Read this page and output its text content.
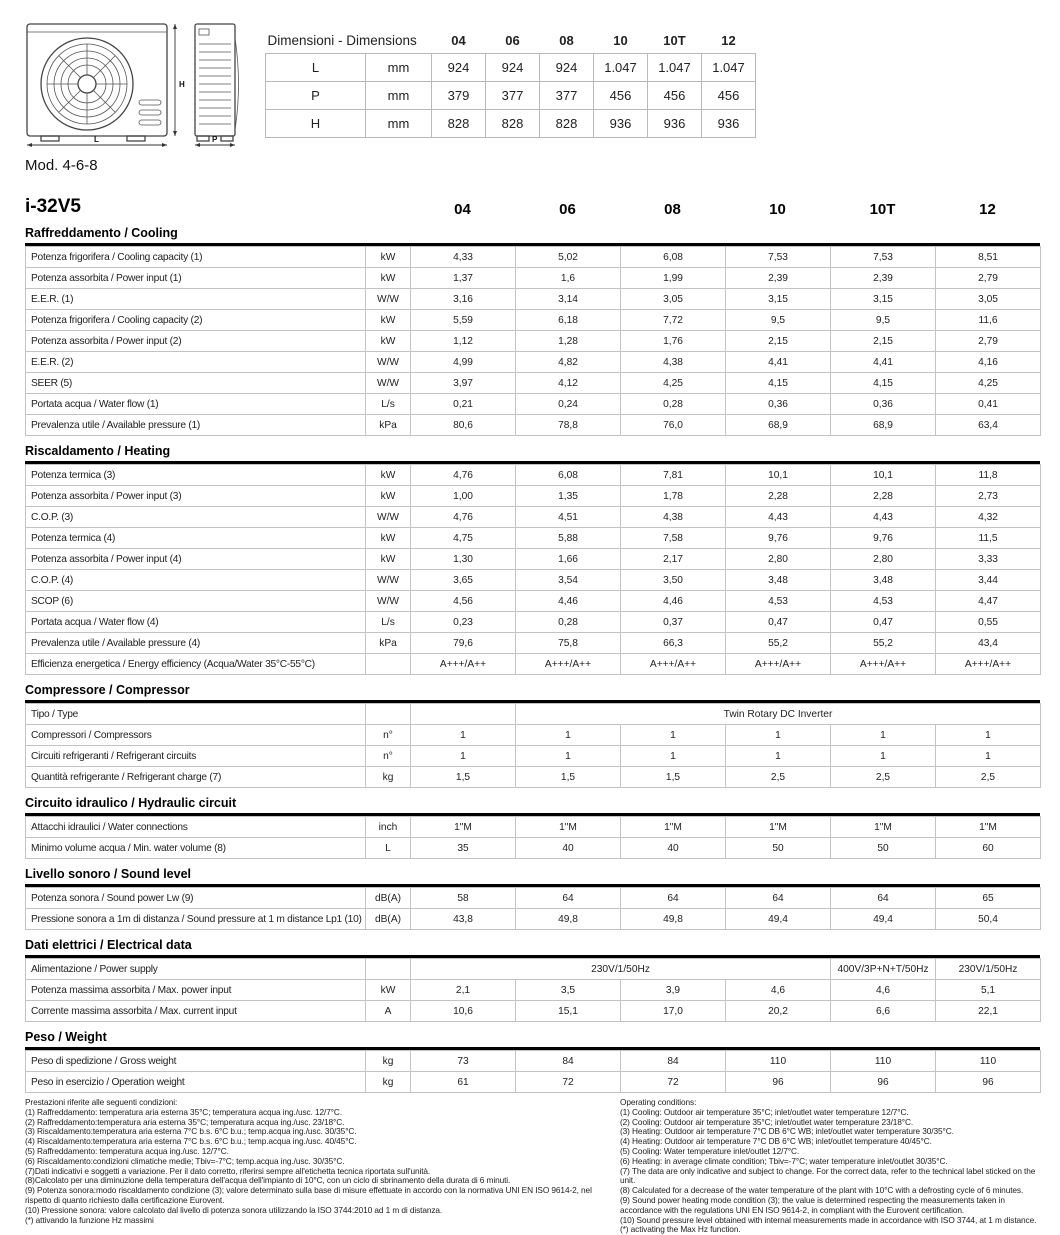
H
L	P
Mod. 4-6-8
Dimensioni - Dimensions		04	06	08	10	10T	12
L	mm	924	924	924	1.047	1.047	1.047
P	mm	379	377	377	456	456	456
H	mm	828	828	828	936	936	936
i-32V5		04	06	08	10	10T	12
Raffreddamento / Cooling
Potenza frigorifera / Cooling capacity (1)	kW	4,33	5,02	6,08	7,53	7,53	8,51
Potenza assorbita / Power input (1)	kW	1,37	1,6	1,99	2,39	2,39	2,79
E.E.R. (1)	W/W	3,16	3,14	3,05	3,15	3,15	3,05
Potenza frigorifera / Cooling capacity (2)	kW	5,59	6,18	7,72	9,5	9,5	11,6
Potenza assorbita / Power input (2)	kW	1,12	1,28	1,76	2,15	2,15	2,79
E.E.R. (2)	W/W	4,99	4,82	4,38	4,41	4,41	4,16
SEER (5)	W/W	3,97	4,12	4,25	4,15	4,15	4,25
Portata acqua / Water flow (1)	L/s	0,21	0,24	0,28	0,36	0,36	0,41
Prevalenza utile / Available pressure (1)	kPa	80,6	78,8	76,0	68,9	68,9	63,4
Riscaldamento / Heating
Potenza termica (3)	kW	4,76	6,08	7,81	10,1	10,1	11,8
Potenza assorbita / Power input (3)	kW	1,00	1,35	1,78	2,28	2,28	2,73
C.O.P. (3)	W/W	4,76	4,51	4,38	4,43	4,43	4,32
Potenza termica (4)	kW	4,75	5,88	7,58	9,76	9,76	11,5
Potenza assorbita / Power input (4)	kW	1,30	1,66	2,17	2,80	2,80	3,33
C.O.P. (4)	W/W	3,65	3,54	3,50	3,48	3,48	3,44
SCOP (6)	W/W	4,56	4,46	4,46	4,53	4,53	4,47
Portata acqua / Water flow (4)	L/s	0,23	0,28	0,37	0,47	0,47	0,55
Prevalenza utile / Available pressure (4)	kPa	79,6	75,8	66,3	55,2	55,2	43,4
Efficienza energetica / Energy efficiency (Acqua/Water 35°C-55°C)		A+++/A++	A+++/A++	A+++/A++	A+++/A++	A+++/A++	A+++/A++
Compressore / Compressor
Tipo / Type			Twin Rotary DC Inverter				
Compressori / Compressors	n°	1	1	1	1	1	1
Circuiti refrigeranti / Refrigerant circuits	n°	1	1	1	1	1	1
Quantità refrigerante / Refrigerant charge (7)	kg	1,5	1,5	1,5	2,5	2,5	2,5
Circuito idraulico / Hydraulic circuit
Attacchi idraulici / Water connections	inch	1"M	1"M	1"M	1"M	1"M	1"M
Minimo volume acqua / Min. water volume (8)	L	35	40	40	50	50	60
Livello sonoro / Sound level
Potenza sonora / Sound power Lw (9)	dB(A)	58	64	64	64	64	65
Pressione sonora a 1m di distanza / Sound pressure at 1 m distance Lp1 (10)	dB(A)	43,8	49,8	49,8	49,4	49,4	50,4
Dati elettrici / Electrical data
Alimentazione / Power supply		230V/1/50Hz				400V/3P+N+T/50Hz	230V/1/50Hz
Potenza massima assorbita / Max. power input	kW	2,1	3,5	3,9	4,6	4,6	5,1
Corrente massima assorbita / Max. current input	A	10,6	15,1	17,0	20,2	6,6	22,1
Peso / Weight
Peso di spedizione / Gross weight	kg	73	84	84	110	110	110
Peso in esercizio / Operation weight	kg	61	72	72	96	96	96
Prestazioni riferite alle seguenti condizioni:
(1) Raffreddamento: temperatura aria esterna 35°C; temperatura acqua ing./usc. 12/7°C.
(2) Raffreddamento:temperatura aria esterna 35°C; temperatura acqua ing./usc. 23/18°C.
(3) Riscaldamento:temperatura aria esterna 7°C b.s. 6°C b.u.; temp.acqua ing./usc. 30/35°C.
(4) Riscaldamento:temperatura aria esterna 7°C b.s. 6°C b.u.; temp.acqua ing./usc. 40/45°C.
(5) Raffreddamento: temperatura acqua ing./usc. 12/7°C.
(6) Riscaldamento:condizioni climatiche medie; Tbiv=-7°C; temp.acqua ing./usc. 30/35°C.
(7)Dati indicativi e soggetti a variazione. Per il dato corretto, riferirsi sempre all'etichetta tecnica riportata sull'unità.
(8)Calcolato per una diminuzione della temperatura dell'acqua dell'impianto di 10°C, con un ciclo di sbrinamento della durata di 6 minuti.
(9) Potenza sonora:modo riscaldamento condizione (3); valore determinato sulla base di misure effettuate in accordo con la normativa UNI EN ISO 9614-2, nel rispetto di quanto richiesto dalla certificazione Eurovent.
(10) Pressione sonora: valore calcolato dal livello di potenza sonora utilizzando la ISO 3744:2010 ad 1 m di distanza.
(*) attivando la funzione Hz massimi
Operating conditions:
(1) Cooling: Outdoor air temperature 35°C; inlet/outlet water temperature 12/7°C.
(2) Cooling: Outdoor air temperature 35°C; inlet/outlet water temperature 23/18°C.
(3) Heating: Outdoor air temperature 7°C DB 6°C WB; inlet/outlet water temperature 30/35°C.
(4) Heating: Outdoor air temperature 7°C DB 6°C WB; inlet/outlet temperature 40/45°C.
(5) Cooling: Water temperature inlet/outlet 12/7°C.
(6) Heating: in average climate condition; Tbiv=-7°C; water temperature inlet/outlet 30/35°C.
(7) The data are only indicative and subject to change. For the correct data, refer to the technical label sticked on the unit.
(8) Calculated for a decrease of the water temperature of the plant with 10°C with a defrosting cycle of 6 minutes.
(9) Sound power heating mode condition (3); the value is determined respecting the measurements taken in accordance with the regulations UNI EN ISO 9614-2, in compliant with the Eurovent certification.
(10) Sound pressure level obtained with internal measurements made in accordance with ISO 3744, at 1 m distance.
(*) activating the Max Hz function.
